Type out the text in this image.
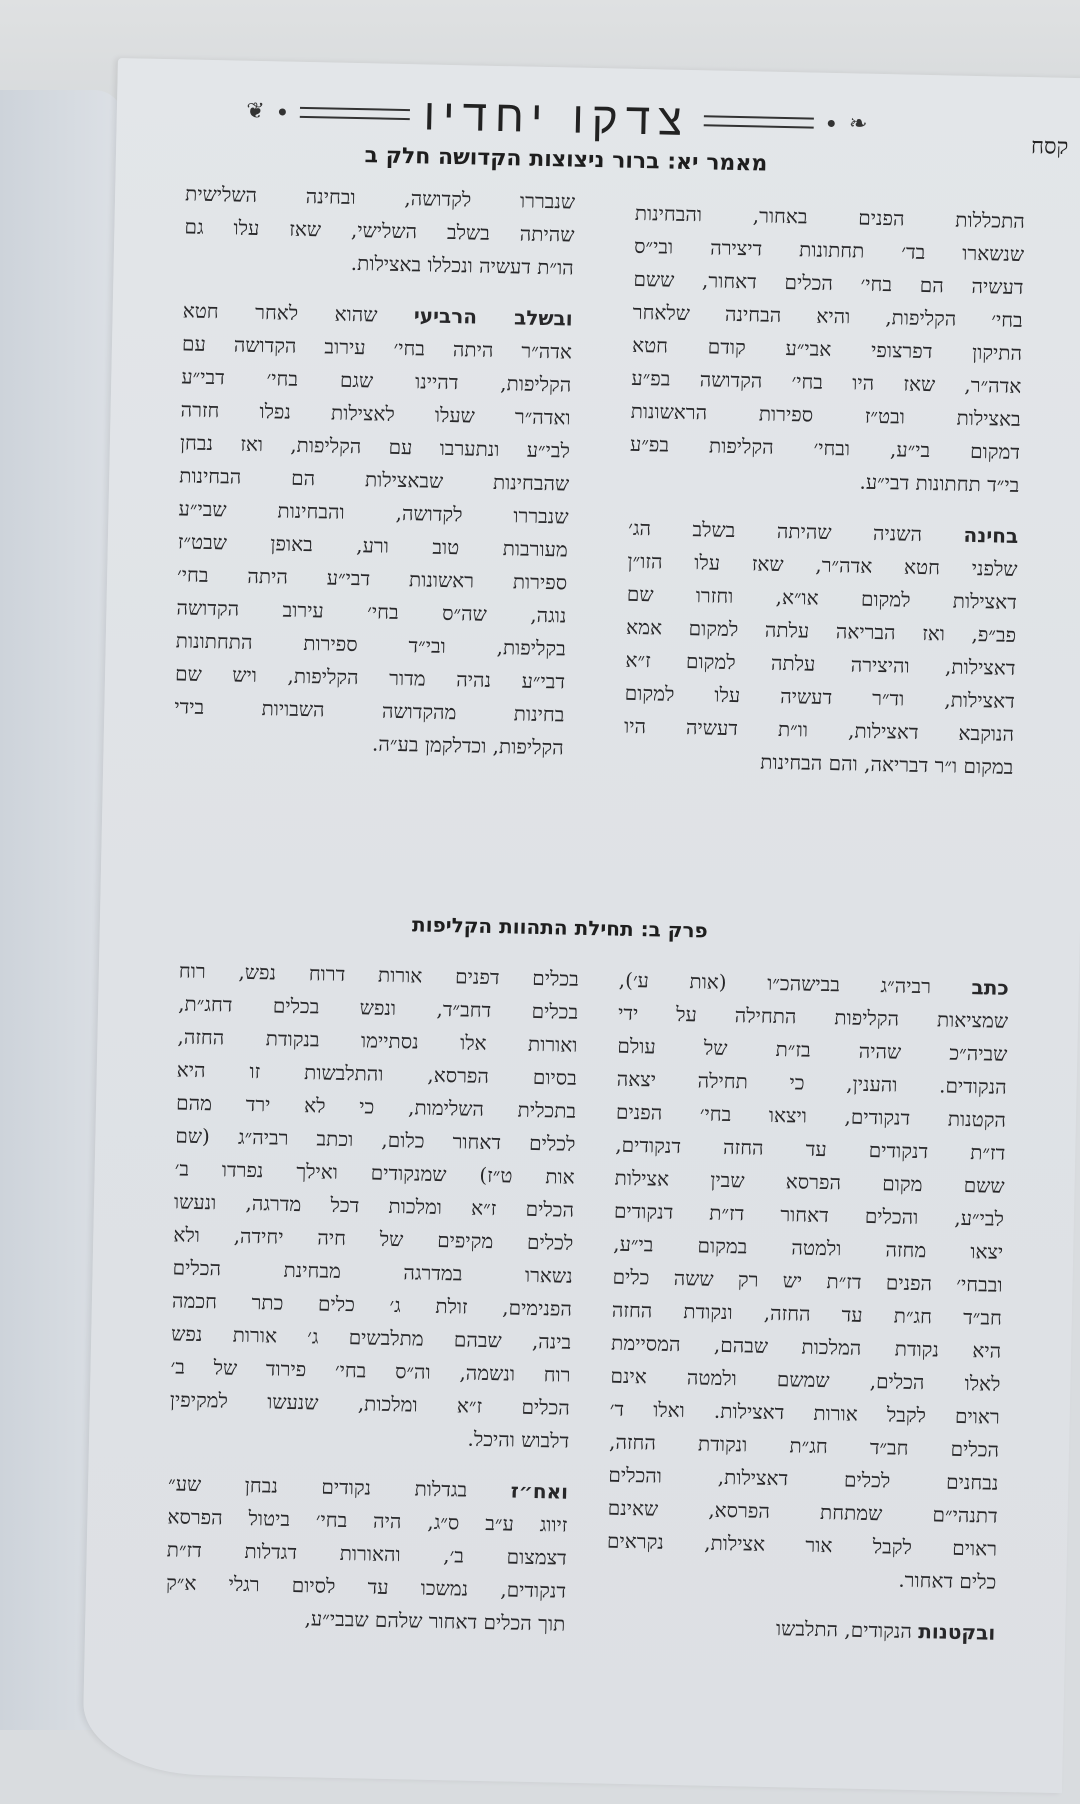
❧
צדקו יחדיו
❦
קסח
מאמר יא: ברור ניצוצות הקדושה חלק ב

התכללות הפנים באחור, והבחינות
שנשארו בד׳ תחתונות דיצירה ובי״ס
דעשיה הם בחי׳ הכלים דאחור, ששם
בחי׳ הקליפות, והיא הבחינה שלאחר
התיקון דפרצופי אבי״ע קודם חטא
אדה״ר, שאז היו בחי׳ הקדושה בפ״ע
באצילות ובט״ז ספירות הראשונות
דמקום בי״ע, ובחי׳ הקליפות בפ״ע
בי״ד תחתונות דבי״ע.

בחינה השניה שהיתה בשלב הג׳
שלפני חטא אדה״ר, שאז עלו הזו״ן
דאצילות למקום או״א, וחזרו שם
פב״פ, ואז הבריאה עלתה למקום אמא
דאצילות, והיצירה עלתה למקום ז״א
דאצילות, וד״ר דעשיה עלו למקום
הנוקבא דאצילות, וו״ת דעשיה היו
במקום ו״ר דבריאה, והם הבחינות

שנבררו לקדושה, ובחינה השלישית
שהיתה בשלב השלישי, שאז עלו גם
הו״ת דעשיה ונכללו באצילות.

ובשלב הרביעי שהוא לאחר חטא
אדה״ר היתה בחי׳ עירוב הקדושה עם
הקליפות, דהיינו שגם בחי׳ דבי״ע
ואדה״ר שעלו לאצילות נפלו חזרה
לבי״ע ונתערבו עם הקליפות, ואז נבחן
שהבחינות שבאצילות הם הבחינות
שנבררו לקדושה, והבחינות שבי״ע
מעורבות טוב ורע, באופן שבט״ז
ספירות ראשונות דבי״ע היתה בחי׳
נוגה, שה״ס בחי׳ עירוב הקדושה
בקליפות, ובי״ד ספירות התחתונות
דבי״ע נהיה מדור הקליפות, ויש שם
בחינות מהקדושה השבויות בידי
הקליפות, וכדלקמן בע״ה.

פרק ב: תחילת התהוות הקליפות

כתב רביה״ג בבישהכ״ו (אות ע׳),
שמציאות הקליפות התחילה על ידי
שביה״כ שהיה בז״ת של עולם
הנקודים. והענין, כי תחילה יצאה
הקטנות דנקודים, ויצאו בחי׳ הפנים
דז״ת דנקודים עד החזה דנקודים,
ששם מקום הפרסא שבין אצילות
לבי״ע, והכלים דאחור דז״ת דנקודים
יצאו מחזה ולמטה במקום בי״ע,
ובבחי׳ הפנים דז״ת יש רק ששה כלים
חב״ד חג״ת עד החזה, ונקודת החזה
היא נקודת המלכות שבהם, המסיימת
לאלו הכלים, שמשם ולמטה אינם
ראוים לקבל אורות דאצילות. ואלו ד׳
הכלים חב״ד חג״ת ונקודת החזה,
נבחנים לכלים דאצילות, והכלים
דתנהי״ם שמתחת הפרסא, שאינם
ראוים לקבל אור אצילות, נקראים
כלים דאחור.

ובקטנות הנקודים, התלבשו

בכלים דפנים אורות דרוח נפש, רוח
בכלים דחב״ד, ונפש בכלים דחג״ת,
ואורות אלו נסתיימו בנקודת החזה,
בסיום הפרסא, והתלבשות זו היא
בתכלית השלימות, כי לא ירד מהם
לכלים דאחור כלום, וכתב רביה״ג (שם
אות ט״ז) שמנקודים ואילך נפרדו ב׳
הכלים ז״א ומלכות דכל מדרגה, ונעשו
לכלים מקיפים של חיה יחידה, ולא
נשארו במדרגה מבחינת הכלים
הפנימים, זולת ג׳ כלים כתר חכמה
בינה, שבהם מתלבשים ג׳ אורות נפש
רוח ונשמה, וה״ס בחי׳ פירוד של ב׳
הכלים ז״א ומלכות, שנעשו למקיפין
דלבוש והיכל.

ואח״ז בגדלות נקודים נבחן שע״
זיווג ע״ב ס״ג, היה בחי׳ ביטול הפרסא
דצמצום ב׳, והאורות דגדלות דז״ת
דנקודים, נמשכו עד לסיום רגלי א״ק
תוך הכלים דאחור שלהם שבבי״ע,
